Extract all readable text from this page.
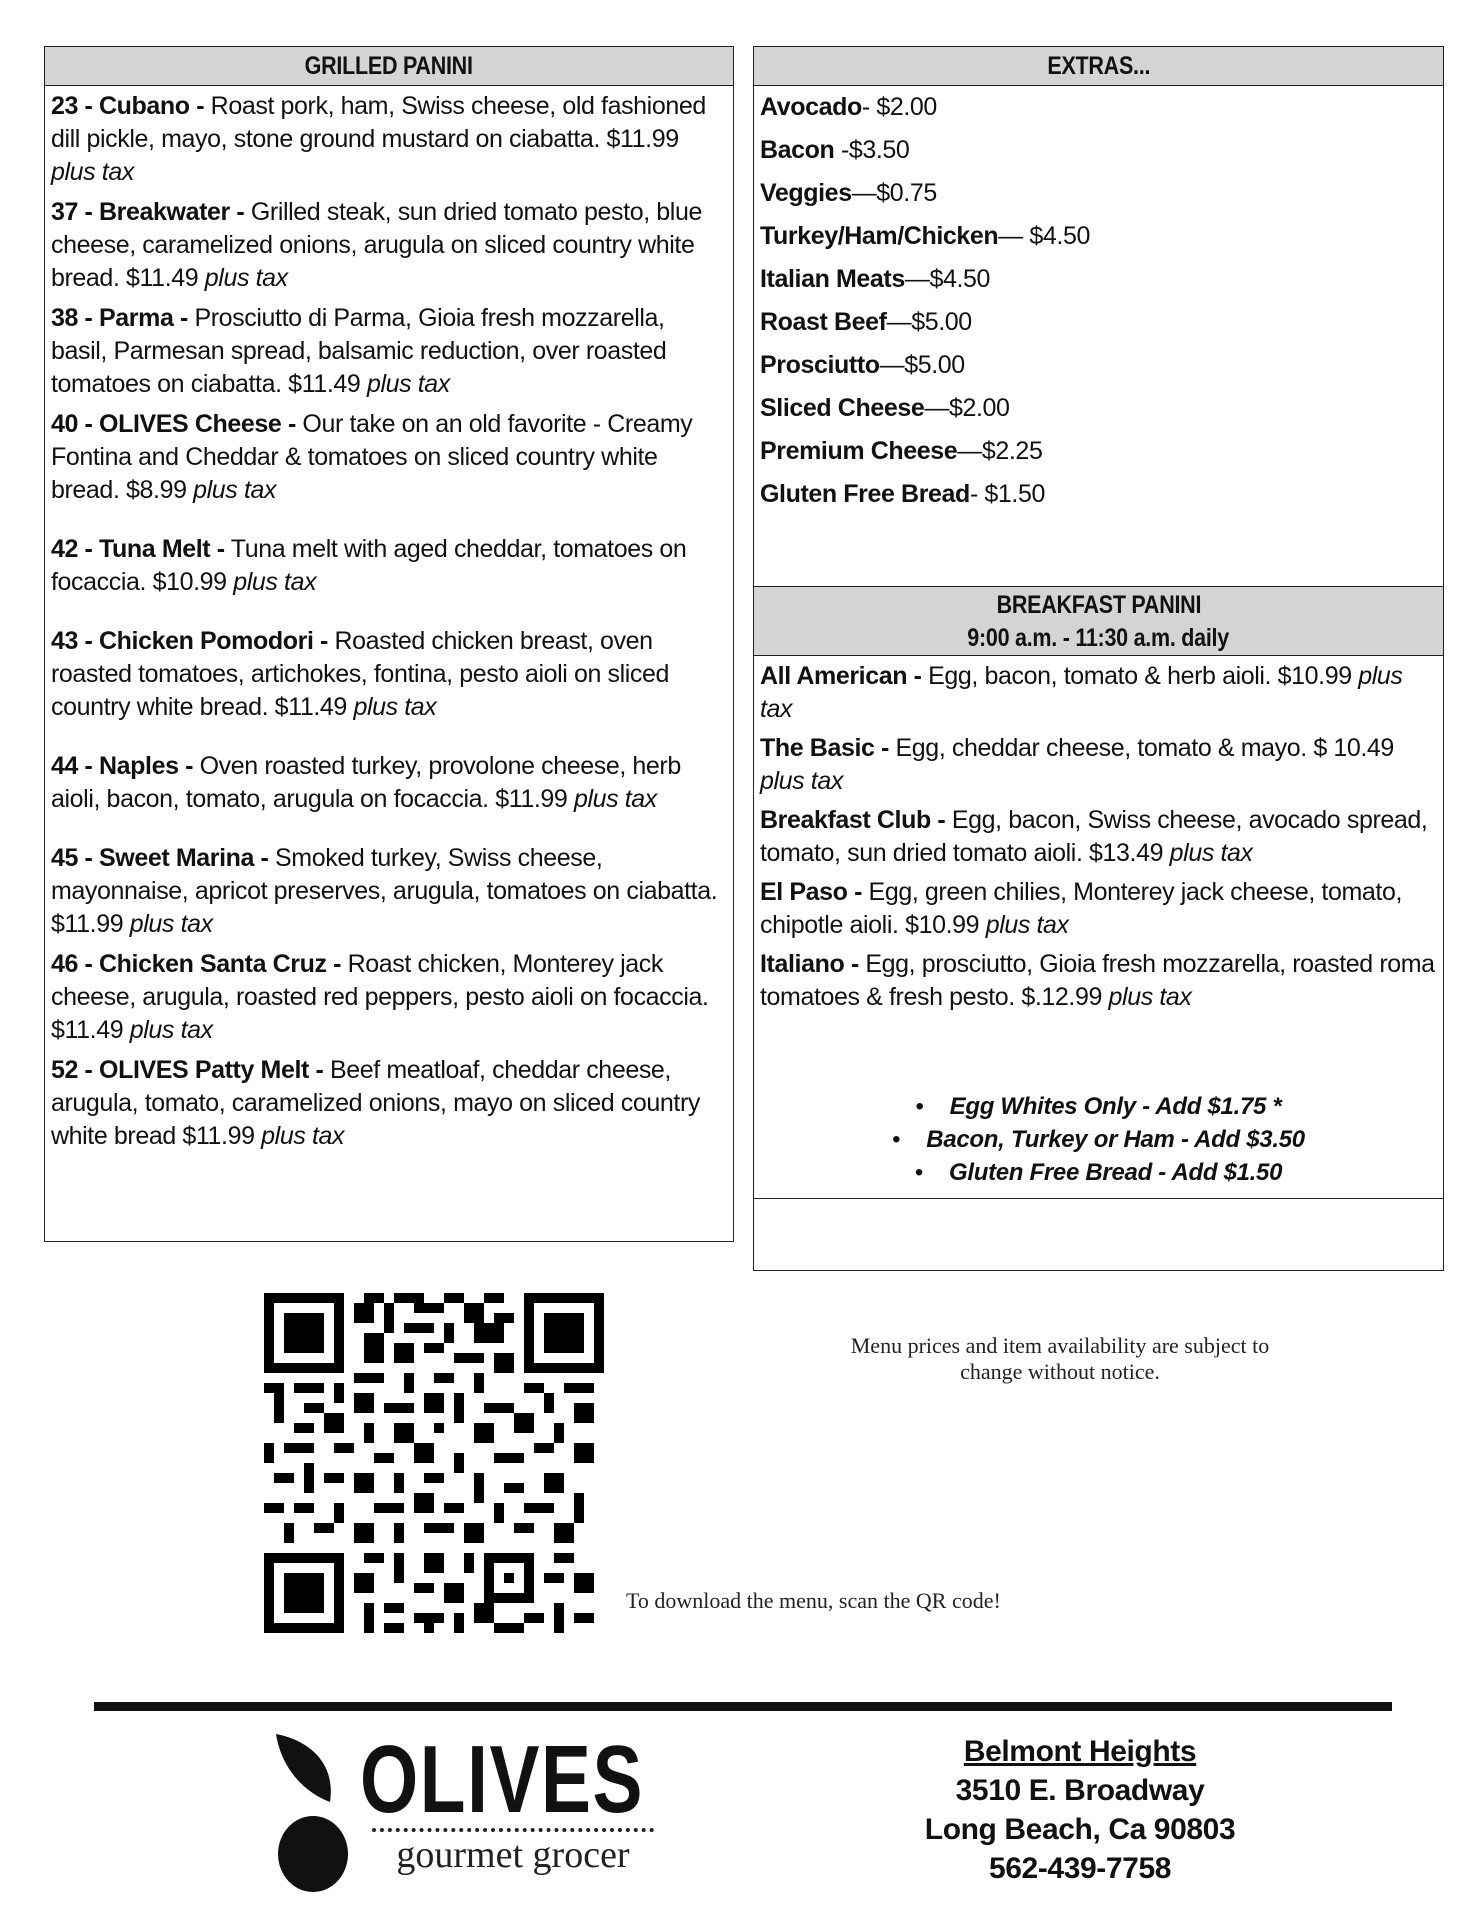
GRILLED PANINI
23 - Cubano - Roast pork, ham, Swiss cheese, old fashioned dill pickle, mayo, stone ground mustard on ciabatta. $11.99 plus tax
37 - Breakwater - Grilled steak, sun dried tomato pesto, blue cheese, caramelized onions, arugula on sliced country white bread. $11.49 plus tax
38 - Parma - Prosciutto di Parma, Gioia fresh mozzarella, basil, Parmesan spread, balsamic reduction, over roasted tomatoes on ciabatta. $11.49 plus tax
40 - OLIVES Cheese - Our take on an old favorite - Creamy Fontina and Cheddar & tomatoes on sliced country white bread. $8.99 plus tax
42 - Tuna Melt - Tuna melt with aged cheddar, tomatoes on focaccia. $10.99 plus tax
43 - Chicken Pomodori - Roasted chicken breast, oven roasted tomatoes, artichokes, fontina, pesto aioli on sliced country white bread. $11.49 plus tax
44 - Naples - Oven roasted turkey, provolone cheese, herb aioli, bacon, tomato, arugula on focaccia. $11.99 plus tax
45 - Sweet Marina - Smoked turkey, Swiss cheese, mayonnaise, apricot preserves, arugula, tomatoes on ciabatta. $11.99 plus tax
46 - Chicken Santa Cruz - Roast chicken, Monterey jack cheese, arugula, roasted red peppers, pesto aioli on focaccia. $11.49 plus tax
52 - OLIVES Patty Melt - Beef meatloaf, cheddar cheese, arugula, tomato, caramelized onions, mayo on sliced country white bread $11.99 plus tax
EXTRAS...
Avocado- $2.00
Bacon -$3.50
Veggies—$0.75
Turkey/Ham/Chicken— $4.50
Italian Meats—$4.50
Roast Beef—$5.00
Prosciutto—$5.00
Sliced Cheese—$2.00
Premium Cheese—$2.25
Gluten Free Bread- $1.50
BREAKFAST PANINI
9:00 a.m. - 11:30 a.m. daily
All American - Egg, bacon, tomato & herb aioli. $10.99 plus tax
The Basic - Egg, cheddar cheese, tomato & mayo. $ 10.49 plus tax
Breakfast Club - Egg, bacon, Swiss cheese, avocado spread, tomato, sun dried tomato aioli. $13.49 plus tax
El Paso - Egg, green chilies, Monterey jack cheese, tomato, chipotle aioli. $10.99 plus tax
Italiano - Egg, prosciutto, Gioia fresh mozzarella, roasted roma tomatoes & fresh pesto. $.12.99 plus tax
• Egg Whites Only - Add $1.75 *
• Bacon, Turkey or Ham - Add $3.50
• Gluten Free Bread - Add $1.50
Menu prices and item availability are subject to change without notice.
To download the menu, scan the QR code!
OLIVES
gourmet grocer
Belmont Heights
3510 E. Broadway
Long Beach, Ca 90803
562-439-7758
